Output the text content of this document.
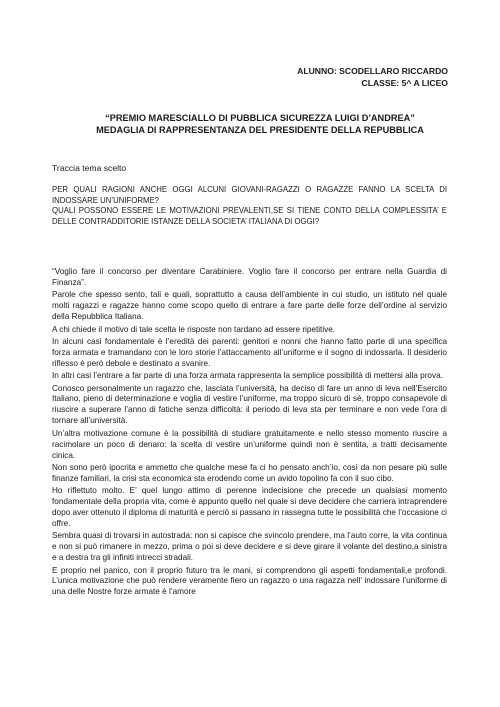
ALUNNO: SCODELLARO RICCARDO
CLASSE: 5^ A LICEO
“PREMIO MARESCIALLO DI PUBBLICA SICUREZZA LUIGI D’ANDREA”
MEDAGLIA DI RAPPRESENTANZA DEL PRESIDENTE DELLA REPUBBLICA
Traccia tema scelto

PER QUALI RAGIONI ANCHE OGGI ALCUNI GIOVANI-RAGAZZI O RAGAZZE FANNO LA SCELTA DI INDOSSARE UN’UNIFORME?

QUALI POSSONO ESSERE LE MOTIVAZIONI PREVALENTI,SE SI TIENE CONTO DELLA COMPLESSITA’ E DELLE CONTRADDITORIE ISTANZE DELLA SOCIETA’ ITALIANA DI OGGI?

“Voglio fare il concorso per diventare Carabiniere. Voglio fare il concorso per entrare nella Guardia di Finanza”.

Parole che spesso sento, tali e quali, soprattutto a causa dell’ambiente in cui studio, un istituto nel quale molti ragazzi e ragazze hanno come scopo quello di entrare a fare parte delle forze dell’ordine al servizio della Repubblica Italiana.

A chi chiede il motivo di tale scelta le risposte non tardano ad essere ripetitive.

In alcuni casi fondamentale è l’eredità dei parenti: genitori e nonni che hanno fatto parte di una specifica forza armata e tramandano con le loro storie l’attaccamento all’uniforme e il sogno di indossarla. Il desiderio riflesso è però debole e destinato a svanire.

In altri casi l’entrare a far parte di una forza armata rappresenta la semplice possibilità di mettersi alla prova.

Conosco personalmente un ragazzo che, lasciata l’università, ha deciso di fare un anno di leva nell’Esercito Italiano, pieno di determinazione e voglia di vestire l’uniforme, ma troppo sicuro di sé, troppo consapevole di riuscire a superare l’anno di fatiche senza difficoltà: il periodo di leva sta per terminare e non vede l’ora di tornare all’università.

Un’altra motivazione comune è la possibilità di studiare gratuitamente e nello stesso momento riuscire a racimolare un poco di denaro: la scelta di vestire un’uniforme quindi non è sentita, a tratti decisamente cinica.

Non sono però ipocrita e ammetto che qualche mese fa ci ho pensato anch’io, così da non pesare più sulle finanze familiari, la crisi sta economica sta erodendo come un avido topolino fa con il suo cibo.

Ho riflettuto molto. E’ quel lungo attimo di perenne indecisione che precede un qualsiasi momento fondamentale della propria vita, come è appunto quello nel quale si deve decidere che carriera intraprendere dopo aver ottenuto il diploma di maturità e perciò si passano in rassegna tutte le possibilità che l’occasione ci offre.

Sembra quasi di trovarsi in autostrada: non si capisce che svincolo prendere, ma l’auto corre, la vita continua e non si può rimanere in mezzo, prima o poi si deve decidere e si deve girare il volante del destino,a sinistra e a destra tra gli infiniti intrecci stradali.

E proprio nel panico, con il proprio futuro tra le mani, si comprendono gli aspetti fondamentali,e profondi. L’unica motivazione che può rendere veramente fiero un ragazzo o una ragazza nell’ indossare l’uniforme di una delle Nostre forze armate è l’amore
